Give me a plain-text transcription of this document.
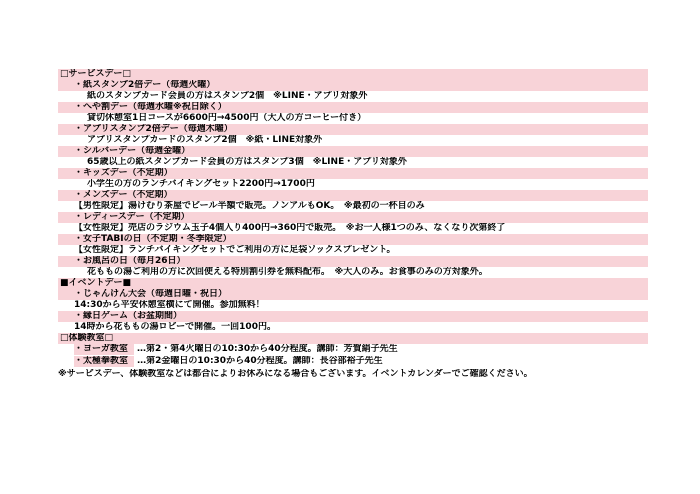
□サービスデー□
・紙スタンプ2倍デー（毎週火曜）
紙のスタンプカード会員の方はスタンプ2個　※LINE・アプリ対象外
・へや割デー（毎週水曜※祝日除く）
貸切休憩室1日コースが6600円→4500円（大人の方コーヒー付き）
・アプリスタンプ2倍デー（毎週木曜）
アプリスタンプカードのスタンプ2個　※紙・LINE対象外
・シルバーデー（毎週金曜）
65歳以上の紙スタンプカード会員の方はスタンプ3個　※LINE・アプリ対象外
・キッズデー（不定期）
小学生の方のランチバイキングセット2200円→1700円
・メンズデー（不定期）
【男性限定】湯けむり茶屋でビール半額で販売。ノンアルもOK。　※最初の一杯目のみ
・レディースデー（不定期）
【女性限定】売店のラジウム玉子4個入り400円→360円で販売。　※お一人様1つのみ、なくなり次第終了
・女子TABIの日（不定期・冬季限定）
【女性限定】ランチバイキングセットでご利用の方に足袋ソックスプレゼント。
・お風呂の日（毎月26日）
花ももの湯ご利用の方に次回使える特別割引券を無料配布。　※大人のみ。お食事のみの方対象外。
■イベントデー■
・じゃんけん大会（毎週日曜・祝日）
14:30から平安休憩室横にて開催。参加無料！
・縁日ゲーム（お盆期間）
14時から花ももの湯ロビーで開催。一回100円。
□体験教室□
・ヨーガ教室 …第2・第4火曜日の10:30から40分程度。講師：芳賀絹子先生
・太極拳教室 …第2金曜日の10:30から40分程度。講師：長谷部裕子先生
※サービスデー、体験教室などは都合によりお休みになる場合もございます。イベントカレンダーでご確認ください。
